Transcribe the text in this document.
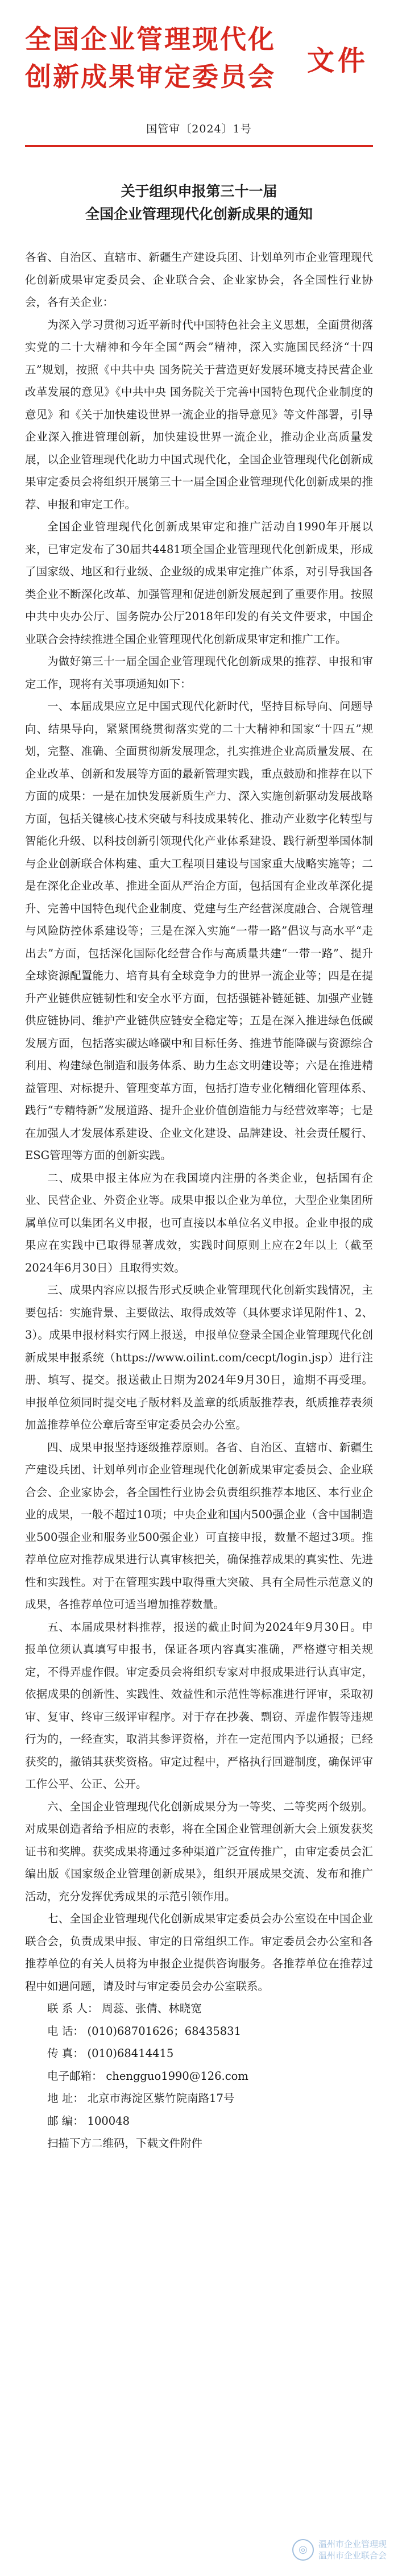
全国企业管理现代化
创新成果审定委员会
文件
国管审〔2024〕1号
关于组织申报第三十一届
全国企业管理现代化创新成果的通知

各省、自治区、直辖市、新疆生产建设兵团、计划单列市企业管理现代化创新成果审定委员会、企业联合会、企业家协会，各全国性行业协会，各有关企业：

为深入学习贯彻习近平新时代中国特色社会主义思想，全面贯彻落实党的二十大精神和今年全国“两会”精神，深入实施国民经济“十四五”规划，按照《中共中央 国务院关于营造更好发展环境支持民营企业改革发展的意见》《中共中央 国务院关于完善中国特色现代企业制度的意见》和《关于加快建设世界一流企业的指导意见》等文件部署，引导企业深入推进管理创新，加快建设世界一流企业，推动企业高质量发展，以企业管理现代化助力中国式现代化，全国企业管理现代化创新成果审定委员会将组织开展第三十一届全国企业管理现代化创新成果的推荐、申报和审定工作。

全国企业管理现代化创新成果审定和推广活动自1990年开展以来，已审定发布了30届共4481项全国企业管理现代化创新成果，形成了国家级、地区和行业级、企业级的成果审定推广体系，对引导我国各类企业不断深化改革、加强管理和促进创新发展起到了重要作用。按照中共中央办公厅、国务院办公厅2018年印发的有关文件要求，中国企业联合会持续推进全国企业管理现代化创新成果审定和推广工作。

为做好第三十一届全国企业管理现代化创新成果的推荐、申报和审定工作，现将有关事项通知如下：

一、本届成果应立足中国式现代化新时代，坚持目标导向、问题导向、结果导向，紧紧围绕贯彻落实党的二十大精神和国家“十四五”规划，完整、准确、全面贯彻新发展理念，扎实推进企业高质量发展、在企业改革、创新和发展等方面的最新管理实践，重点鼓励和推荐在以下方面的成果：一是在加快发展新质生产力、深入实施创新驱动发展战略方面，包括关键核心技术突破与科技成果转化、推动产业数字化转型与智能化升级、以科技创新引领现代化产业体系建设、践行新型举国体制与企业创新联合体构建、重大工程项目建设与国家重大战略实施等；二是在深化企业改革、推进全面从严治企方面，包括国有企业改革深化提升、完善中国特色现代企业制度、党建与生产经营深度融合、合规管理与风险防控体系建设等；三是在深入实施“一带一路”倡议与高水平“走出去”方面，包括深化国际化经营合作与高质量共建“一带一路”、提升全球资源配置能力、培育具有全球竞争力的世界一流企业等；四是在提升产业链供应链韧性和安全水平方面，包括强链补链延链、加强产业链供应链协同、维护产业链供应链安全稳定等；五是在深入推进绿色低碳发展方面，包括落实碳达峰碳中和目标任务、推进节能降碳与资源综合利用、构建绿色制造和服务体系、助力生态文明建设等；六是在推进精益管理、对标提升、管理变革方面，包括打造专业化精细化管理体系、践行“专精特新”发展道路、提升企业价值创造能力与经营效率等；七是在加强人才发展体系建设、企业文化建设、品牌建设、社会责任履行、ESG管理等方面的创新实践。

二、成果申报主体应为在我国境内注册的各类企业，包括国有企业、民营企业、外资企业等。成果申报以企业为单位，大型企业集团所属单位可以集团名义申报，也可直接以本单位名义申报。企业申报的成果应在实践中已取得显著成效，实践时间原则上应在2年以上（截至2024年6月30日）且取得实效。

三、成果内容应以报告形式反映企业管理现代化创新实践情况，主要包括：实施背景、主要做法、取得成效等（具体要求详见附件1、2、3）。成果申报材料实行网上报送，申报单位登录全国企业管理现代化创新成果申报系统（https://www.oilint.com/cecpt/login.jsp）进行注册、填写、提交。报送截止日期为2024年9月30日，逾期不再受理。申报单位须同时提交电子版材料及盖章的纸质版推荐表，纸质推荐表须加盖推荐单位公章后寄至审定委员会办公室。

四、成果申报坚持逐级推荐原则。各省、自治区、直辖市、新疆生产建设兵团、计划单列市企业管理现代化创新成果审定委员会、企业联合会、企业家协会，各全国性行业协会负责组织推荐本地区、本行业企业的成果，一般不超过10项；中央企业和国内500强企业（含中国制造业500强企业和服务业500强企业）可直接申报，数量不超过3项。推荐单位应对推荐成果进行认真审核把关，确保推荐成果的真实性、先进性和实践性。对于在管理实践中取得重大突破、具有全局性示范意义的成果，各推荐单位可适当增加推荐数量。

五、本届成果材料推荐，报送的截止时间为2024年9月30日。申报单位须认真填写申报书，保证各项内容真实准确，严格遵守相关规定，不得弄虚作假。审定委员会将组织专家对申报成果进行认真审定，依据成果的创新性、实践性、效益性和示范性等标准进行评审，采取初审、复审、终审三级评审程序。对于存在抄袭、剽窃、弄虚作假等违规行为的，一经查实，取消其参评资格，并在一定范围内予以通报；已经获奖的，撤销其获奖资格。审定过程中，严格执行回避制度，确保评审工作公平、公正、公开。

六、全国企业管理现代化创新成果分为一等奖、二等奖两个级别。对成果创造者给予相应的表彰，将在全国企业管理创新大会上颁发获奖证书和奖牌。获奖成果将通过多种渠道广泛宣传推广，由审定委员会汇编出版《国家级企业管理创新成果》，组织开展成果交流、发布和推广活动，充分发挥优秀成果的示范引领作用。

七、全国企业管理现代化创新成果审定委员会办公室设在中国企业联合会，负责成果申报、审定的日常组织工作。审定委员会办公室和各推荐单位的有关人员将为申报企业提供咨询服务。各推荐单位在推荐过程中如遇问题，请及时与审定委员会办公室联系。

联 系 人： 周蕊、张倩、林晓宽
电 话： (010)68701626；68435831
传 真： (010)68414415
电子邮箱： chengguo1990@126.com
地 址： 北京市海淀区紫竹院南路17号
邮 编： 100048
扫描下方二维码，下载文件附件
◎	温州市企业管理现
温州市企业联合会
